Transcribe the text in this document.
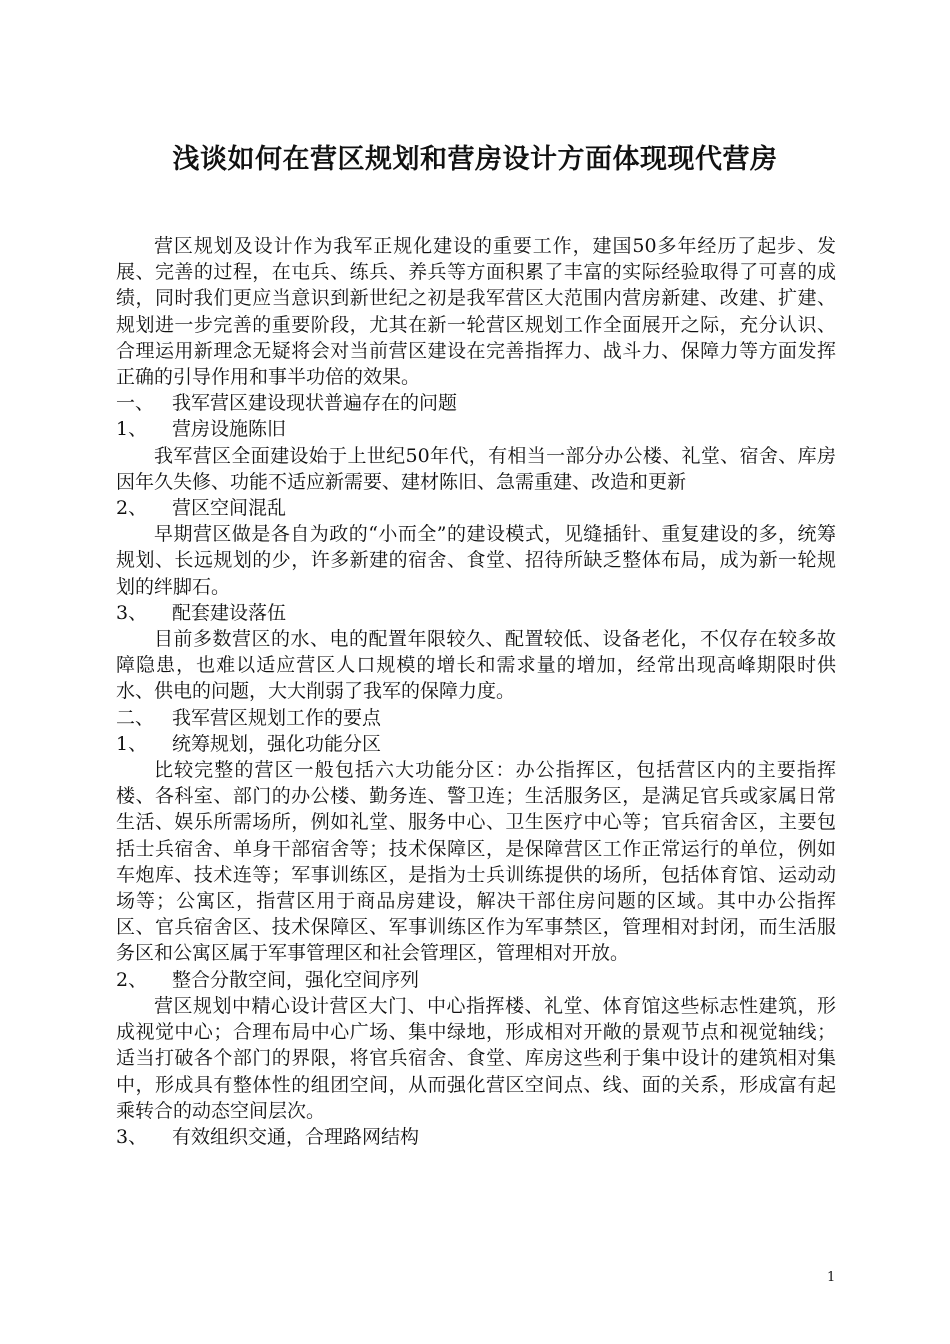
浅谈如何在营区规划和营房设计方面体现现代营房

营区规划及设计作为我军正规化建设的重要工作，建国50多年经历了起步、发展、完善的过程，在屯兵、练兵、养兵等方面积累了丰富的实际经验取得了可喜的成绩，同时我们更应当意识到新世纪之初是我军营区大范围内营房新建、改建、扩建、规划进一步完善的重要阶段，尤其在新一轮营区规划工作全面展开之际，充分认识、合理运用新理念无疑将会对当前营区建设在完善指挥力、战斗力、保障力等方面发挥正确的引导作用和事半功倍的效果。

一、 我军营区建设现状普遍存在的问题

1、 营房设施陈旧

我军营区全面建设始于上世纪50年代，有相当一部分办公楼、礼堂、宿舍、库房因年久失修、功能不适应新需要、建材陈旧、急需重建、改造和更新

2、 营区空间混乱

早期营区做是各自为政的“小而全”的建设模式，见缝插针、重复建设的多，统筹规划、长远规划的少，许多新建的宿舍、食堂、招待所缺乏整体布局，成为新一轮规划的绊脚石。

3、 配套建设落伍

目前多数营区的水、电的配置年限较久、配置较低、设备老化，不仅存在较多故障隐患，也难以适应营区人口规模的增长和需求量的增加，经常出现高峰期限时供水、供电的问题，大大削弱了我军的保障力度。

二、 我军营区规划工作的要点

1、 统筹规划，强化功能分区

比较完整的营区一般包括六大功能分区：办公指挥区，包括营区内的主要指挥楼、各科室、部门的办公楼、勤务连、警卫连；生活服务区，是满足官兵或家属日常生活、娱乐所需场所，例如礼堂、服务中心、卫生医疗中心等；官兵宿舍区，主要包括士兵宿舍、单身干部宿舍等；技术保障区，是保障营区工作正常运行的单位，例如车炮库、技术连等；军事训练区，是指为士兵训练提供的场所，包括体育馆、运动动场等；公寓区，指营区用于商品房建设，解决干部住房问题的区域。其中办公指挥区、官兵宿舍区、技术保障区、军事训练区作为军事禁区，管理相对封闭，而生活服务区和公寓区属于军事管理区和社会管理区，管理相对开放。

2、 整合分散空间，强化空间序列

营区规划中精心设计营区大门、中心指挥楼、礼堂、体育馆这些标志性建筑，形成视觉中心；合理布局中心广场、集中绿地，形成相对开敞的景观节点和视觉轴线；适当打破各个部门的界限，将官兵宿舍、食堂、库房这些利于集中设计的建筑相对集中，形成具有整体性的组团空间，从而强化营区空间点、线、面的关系，形成富有起乘转合的动态空间层次。

3、 有效组织交通，合理路网结构

1
